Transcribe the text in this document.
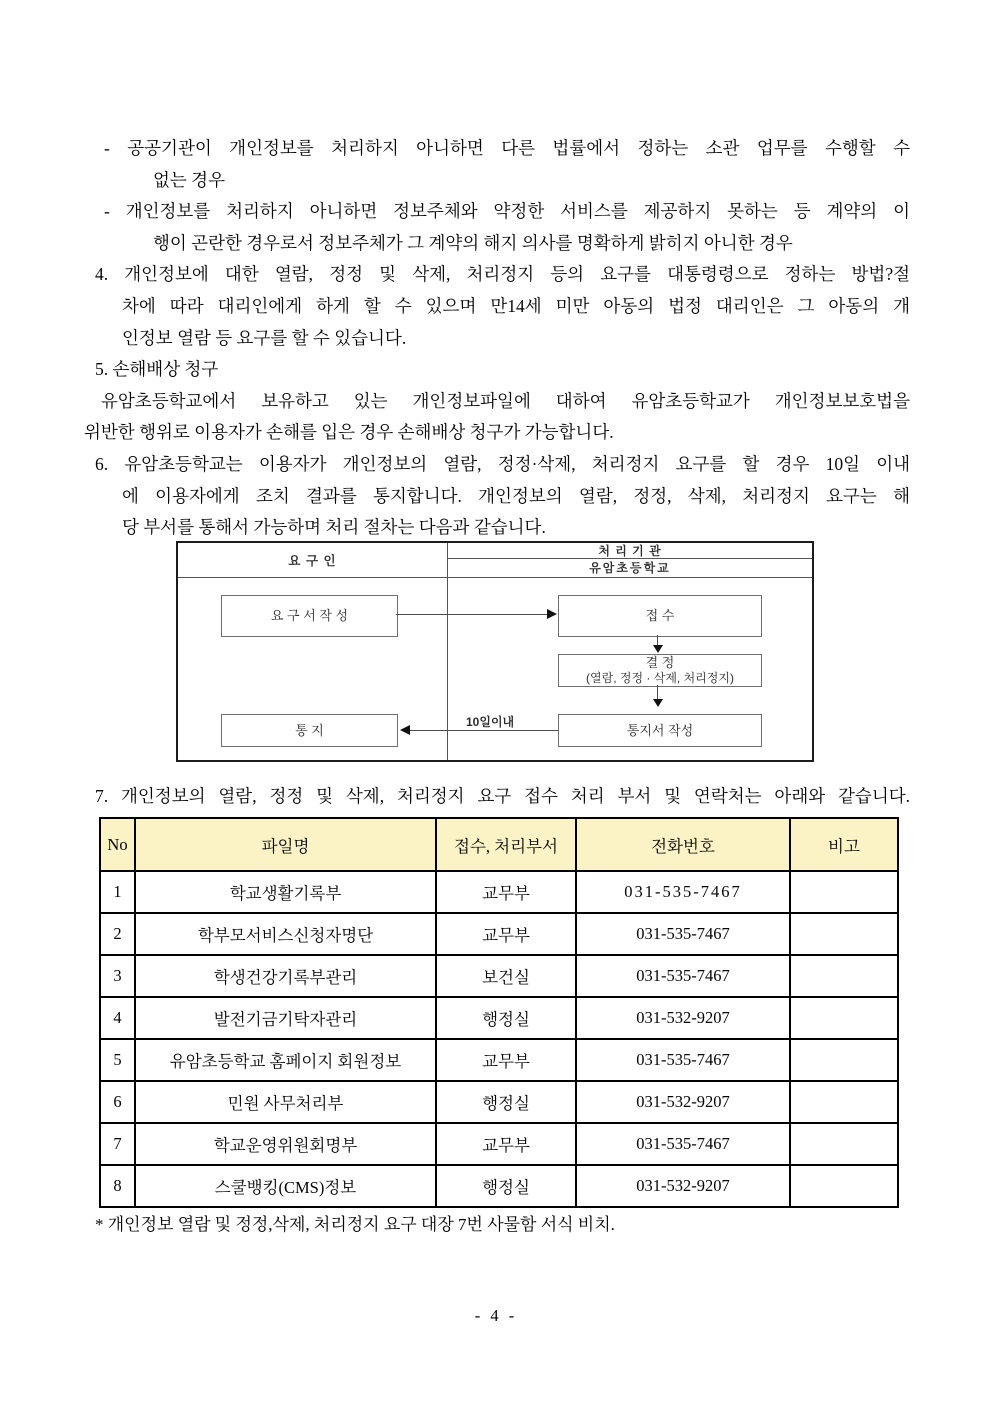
- 공공기관이 개인정보를 처리하지 아니하면 다른 법률에서 정하는 소관 업무를 수행할 수
없는 경우
- 개인정보를 처리하지 아니하면 정보주체와 약정한 서비스를 제공하지 못하는 등 계약의 이
행이 곤란한 경우로서 정보주체가 그 계약의 해지 의사를 명확하게 밝히지 아니한 경우
4. 개인정보에 대한 열람, 정정 및 삭제, 처리정지 등의 요구를 대통령령으로 정하는 방법?절
차에 따라 대리인에게 하게 할 수 있으며 만14세 미만 아동의 법정 대리인은 그 아동의 개
인정보 열람 등 요구를 할 수 있습니다.
5. 손해배상 청구
유암초등학교에서 보유하고 있는 개인정보파일에 대하여 유암초등학교가 개인정보보호법을
위반한 행위로 이용자가 손해를 입은 경우 손해배상 청구가 가능합니다.
6. 유암초등학교는 이용자가 개인정보의 열람, 정정·삭제, 처리정지 요구를 할 경우 10일 이내
에 이용자에게 조치 결과를 통지합니다. 개인정보의 열람, 정정, 삭제, 처리정지 요구는 해
당 부서를 통해서 가능하며 처리 절차는 다음과 같습니다.
요 구 인
처 리 기 관
유암초등학교
요 구 서 작 성	접 수
결 정
(열람, 정정 · 삭제, 처리정지)
통지서 작성
통 지
10일이내
7. 개인정보의 열람, 정정 및 삭제, 처리정지 요구 접수 처리 부서 및 연락처는 아래와 같습니다.
No	파일명	접수, 처리부서	전화번호	비고
1	학교생활기록부	교무부	031-535-7467	
2	학부모서비스신청자명단	교무부	031-535-7467	
3	학생건강기록부관리	보건실	031-535-7467	
4	발전기금기탁자관리	행정실	031-532-9207	
5	유암초등학교 홈페이지 회원정보	교무부	031-535-7467	
6	민원 사무처리부	행정실	031-532-9207	
7	학교운영위원회명부	교무부	031-535-7467	
8	스쿨뱅킹(CMS)정보	행정실	031-532-9207	
* 개인정보 열람 및 정정,삭제, 처리정지 요구 대장 7번 사물함 서식 비치.
- 4 -
